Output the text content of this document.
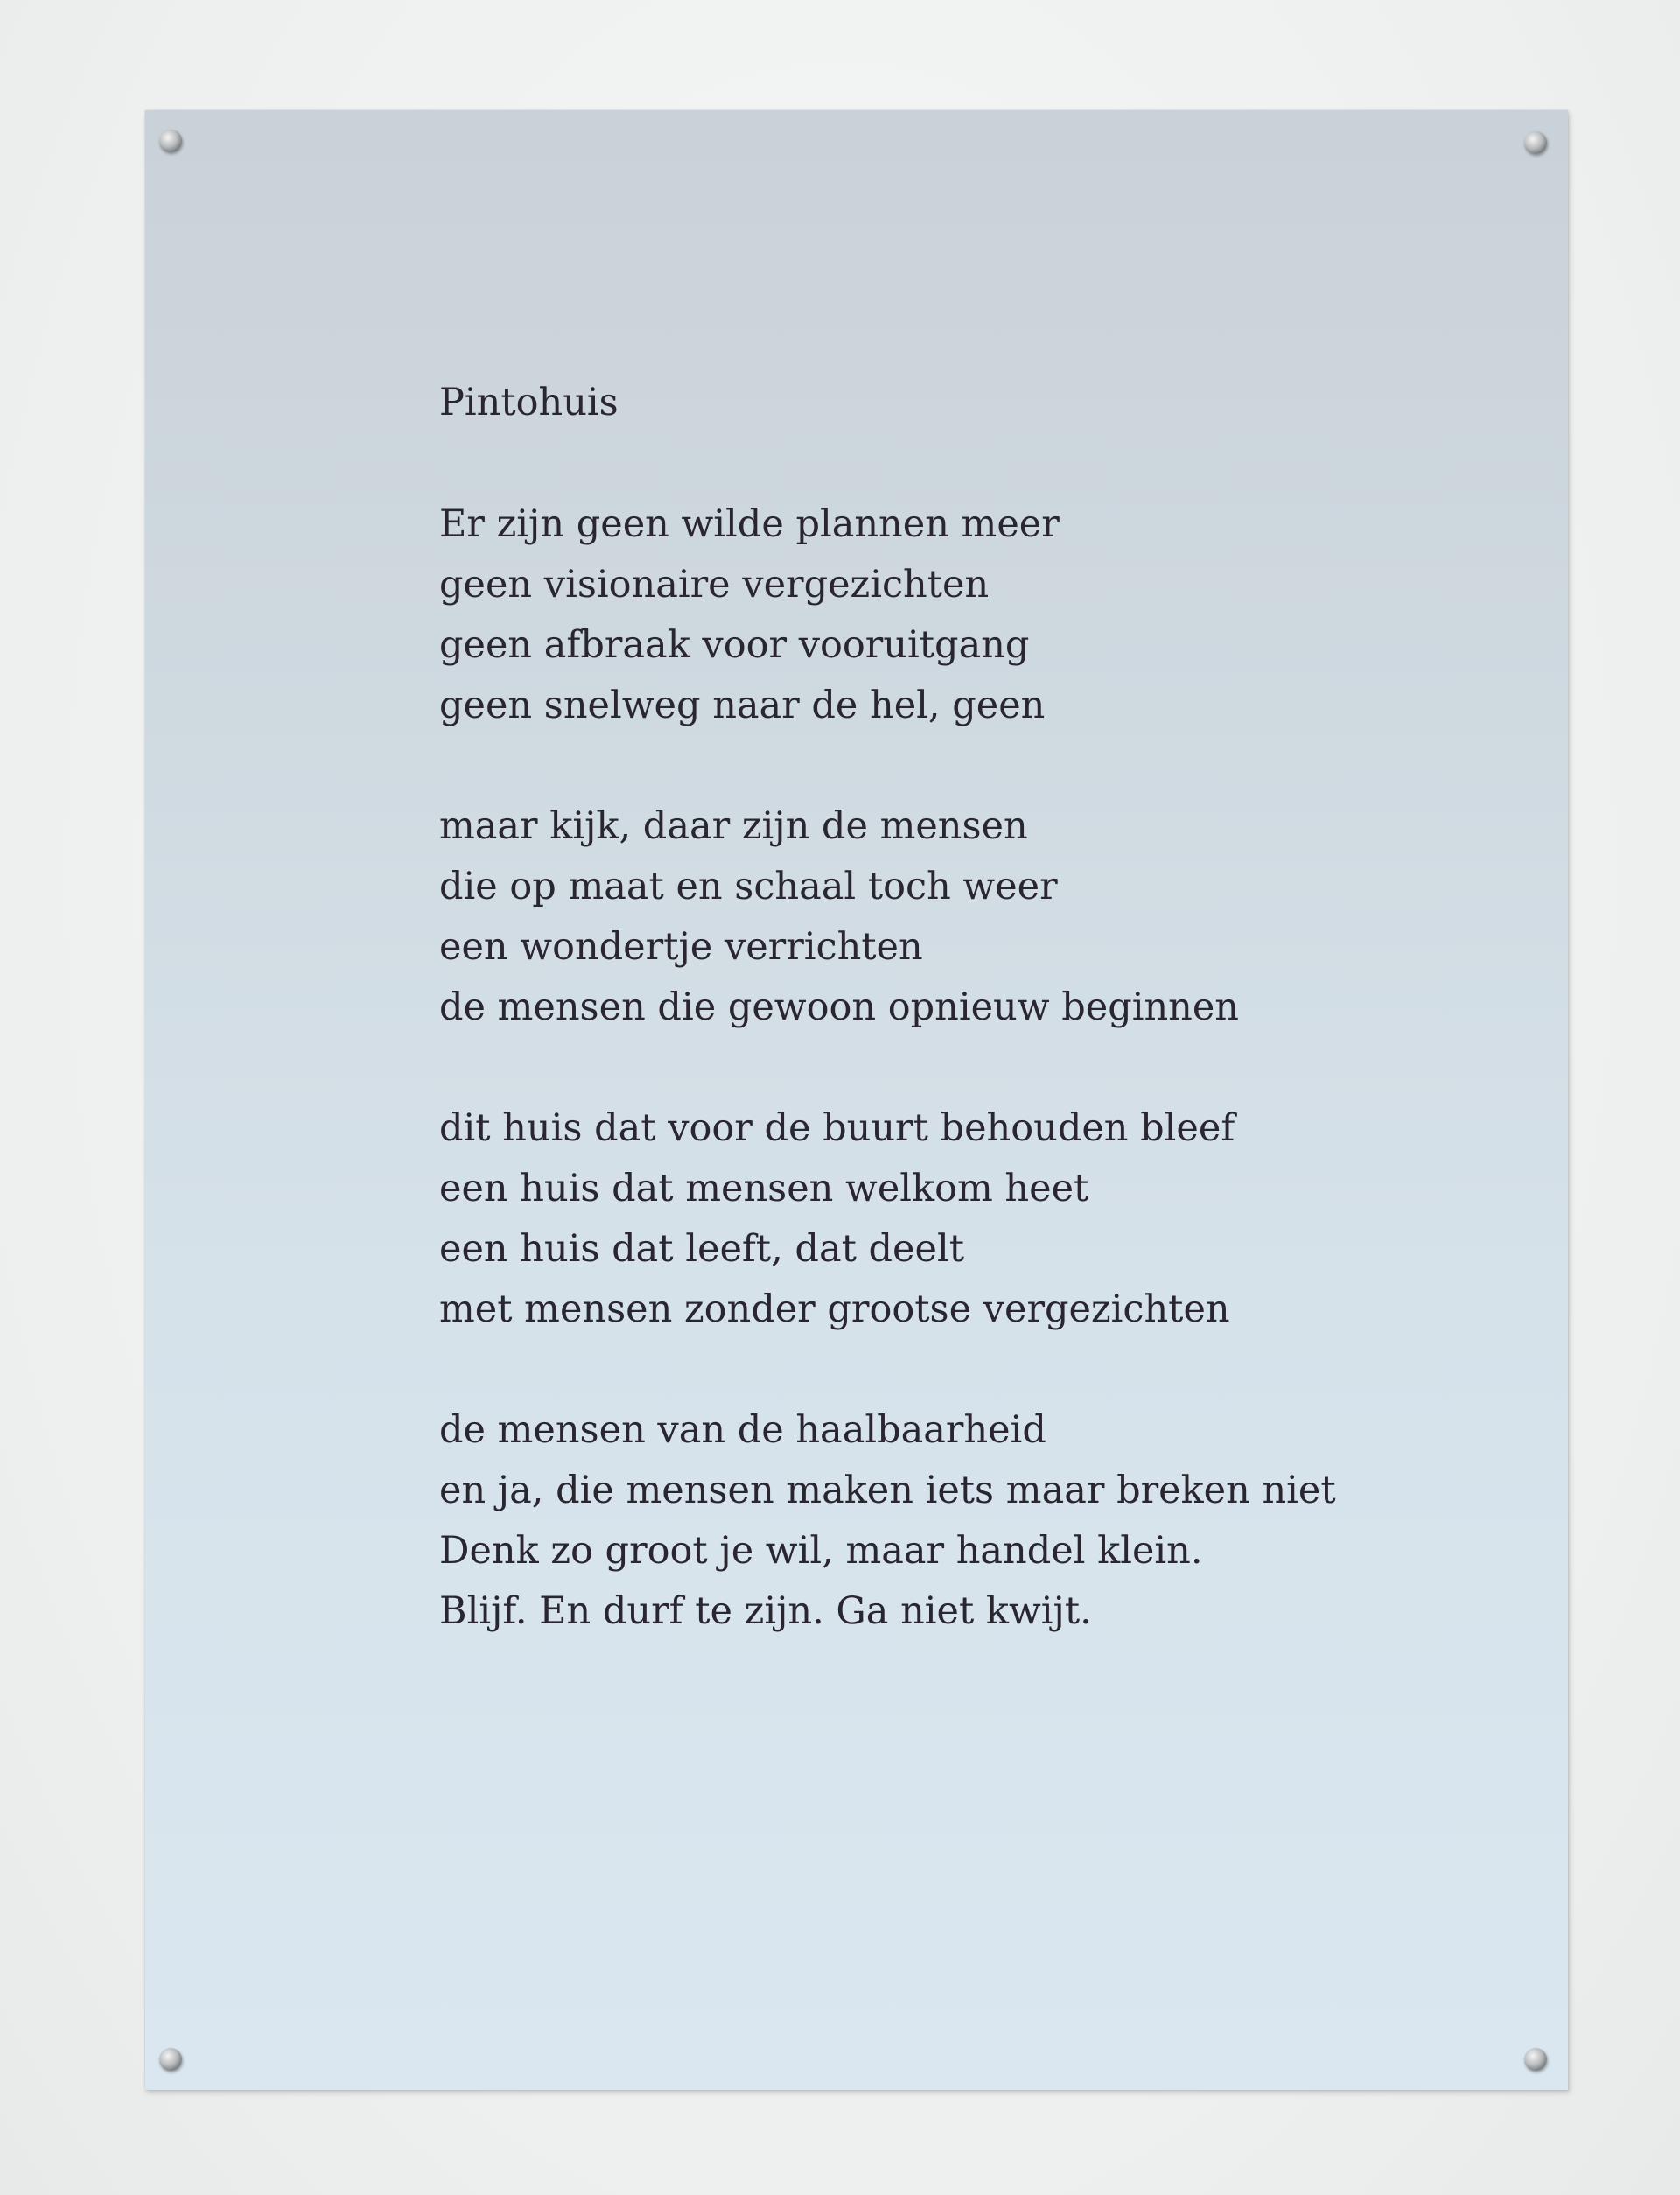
Pintohuis
Er zijn geen wilde plannen meer
geen visionaire vergezichten
geen afbraak voor vooruitgang
geen snelweg naar de hel, geen
maar kijk, daar zijn de mensen
die op maat en schaal toch weer
een wondertje verrichten
de mensen die gewoon opnieuw beginnen
dit huis dat voor de buurt behouden bleef
een huis dat mensen welkom heet
een huis dat leeft, dat deelt
met mensen zonder grootse vergezichten
de mensen van de haalbaarheid
en ja, die mensen maken iets maar breken niet
Denk zo groot je wil, maar handel klein.
Blijf. En durf te zijn. Ga niet kwijt.
